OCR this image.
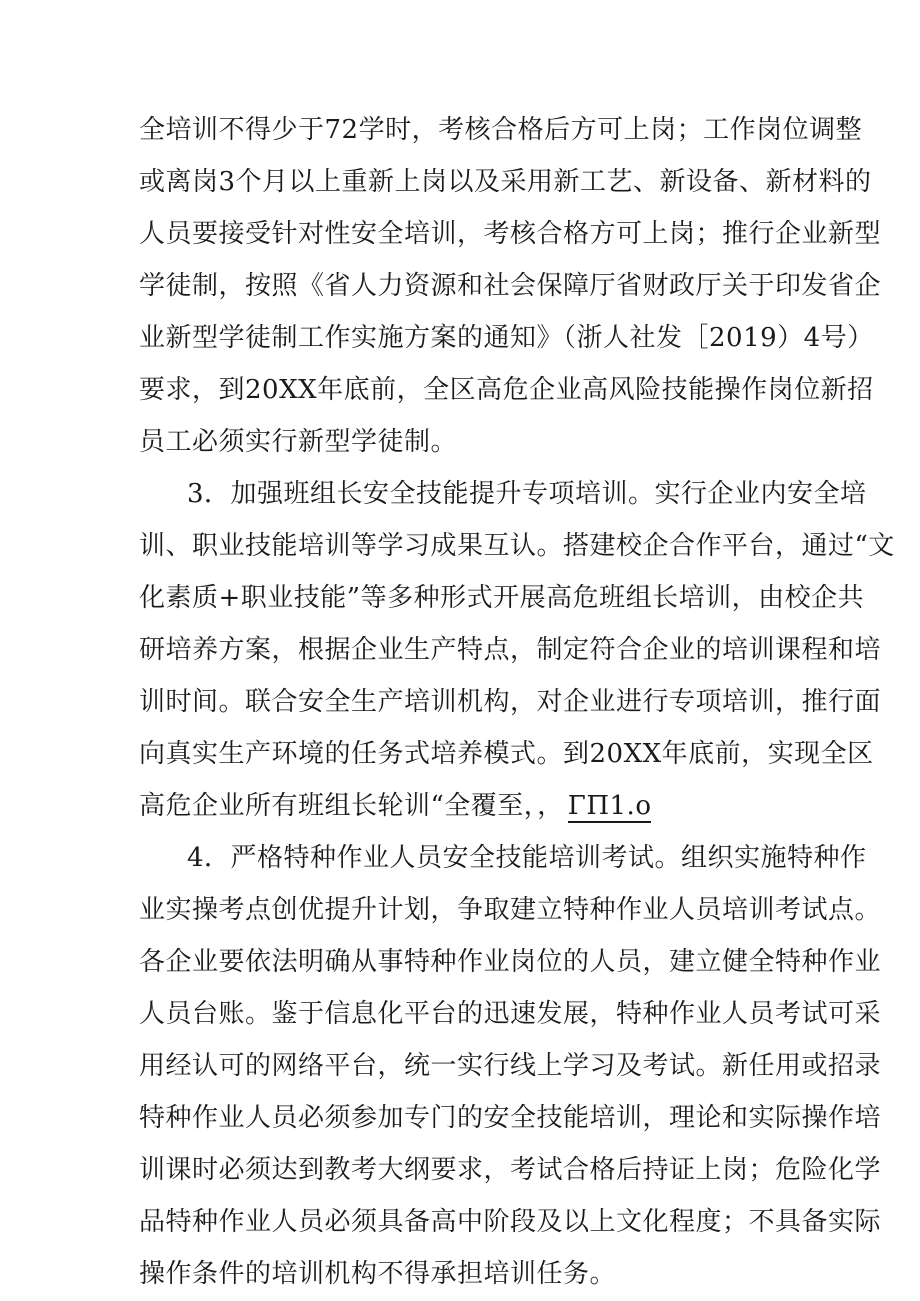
全培训不得少于72学时，考核合格后方可上岗；工作岗位调整
或离岗3个月以上重新上岗以及采用新工艺、新设备、新材料的
人员要接受针对性安全培训，考核合格方可上岗；推行企业新型
学徒制，按照《省人力资源和社会保障厅省财政厅关于印发省企
业新型学徒制工作实施方案的通知》（浙人社发［2019）4号）
要求，到20XX年底前，全区高危企业高风险技能操作岗位新招
员工必须实行新型学徒制。
3．加强班组长安全技能提升专项培训。实行企业内安全培
训、职业技能培训等学习成果互认。搭建校企合作平台，通过“文
化素质+职业技能”等多种形式开展高危班组长培训，由校企共
研培养方案，根据企业生产特点，制定符合企业的培训课程和培
训时间。联合安全生产培训机构，对企业进行专项培训，推行面
向真实生产环境的任务式培养模式。到20XX年底前，实现全区
高危企业所有班组长轮训“全覆至，， ΓΠ1.o
4．严格特种作业人员安全技能培训考试。组织实施特种作
业实操考点创优提升计划，争取建立特种作业人员培训考试点。
各企业要依法明确从事特种作业岗位的人员，建立健全特种作业
人员台账。鉴于信息化平台的迅速发展，特种作业人员考试可采
用经认可的网络平台，统一实行线上学习及考试。新任用或招录
特种作业人员必须参加专门的安全技能培训，理论和实际操作培
训课时必须达到教考大纲要求，考试合格后持证上岗；危险化学
品特种作业人员必须具备高中阶段及以上文化程度；不具备实际
操作条件的培训机构不得承担培训任务。
